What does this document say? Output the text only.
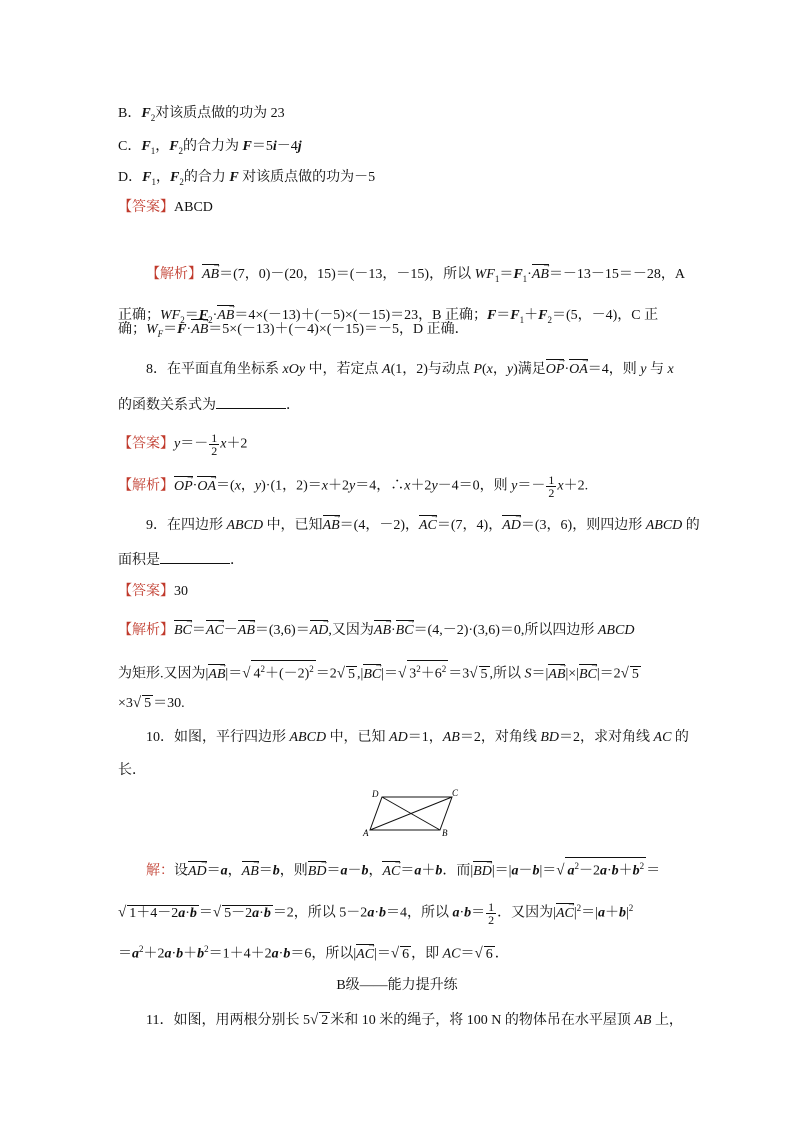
B．$F_2$对该质点做的功为 23
C．$F_1$，$F_2$的合力为 F＝5i－4j
D．$F_1$，$F_2$的合力 F 对该质点做的功为－5
【答案】ABCD
【解析】AB →＝(7，0)－(20，15)＝(－13，－15)，所以 $WF_1=F_1\cdot AB \to=-13-15=-28$，A
正确；$WF_2=F_2\cdot AB \to=4\times(-13)+(-5)\times(-15)=23$，B 正确；$F=F_1+F_2=(5$，－4)，C 正
确；$W_F=F\cdot AB \to=5\times(-13)+(-4)\times(-15)=-5$，D 正确．
8．在平面直角坐标系 xOy 中，若定点 A(1，2)与动点 P(x，y)满足OP →·OA →＝4，则 y 与 x
的函数关系式为	．
【答案】$y=- \frac{1}{2} x+2$
【解析】OP →·OA →＝(x，y)·(1，2)＝x＋2y＝4，∴x＋2y－4＝0，则 $y=- \frac{1}{2} x+2$.
9．在四边形 ABCD 中，已知AB →＝(4，－2)，AC →＝(7，4)，AD →＝(3，6)，则四边形 ABCD 的
面积是	．
【答案】30
【解析】BC →＝AC →－AB →＝(3,6)＝AD →,又因为AB →·BC →＝(4,－2)·(3,6)＝0,所以四边形 ABCD
为矩形.又因为|AB →|＝√ $4^2+(-2)^2 =2√$ 5 ,|BC →|＝√ $3^2+6^2 =3√$ 5 ,所以 S＝|AB →|×|BC →|＝2√ 5
×3√ 5 ＝30.
10．如图，平行四边形 ABCD 中，已知 AD＝1，AB＝2，对角线 BD＝2，求对角线 AC 的
长．
A	B
C
D
解：设AD →＝a，AB →＝b，则BD →＝a－b，AC →＝a＋b．而|BD →|＝|a－b|＝√ $a^2-2a\cdot b+b^2$ ＝
√ 1＋4－2a·b ＝√ 5－2a·b ＝2，所以 5－2a·b＝4，所以 $a\cdot b= \frac{1}{2}$ ．又因为$|AC \to|^2=|a+b|^2$
$=a^2+2a\cdot b+b^2=1+4+2a\cdot b=6$，所以|AC →|＝√ 6 ，即 AC＝√ 6 ．
B级——能力提升练
11．如图，用两根分别长 5√ 2 米和 10 米的绳子，将 100 N 的物体吊在水平屋顶 AB 上，
